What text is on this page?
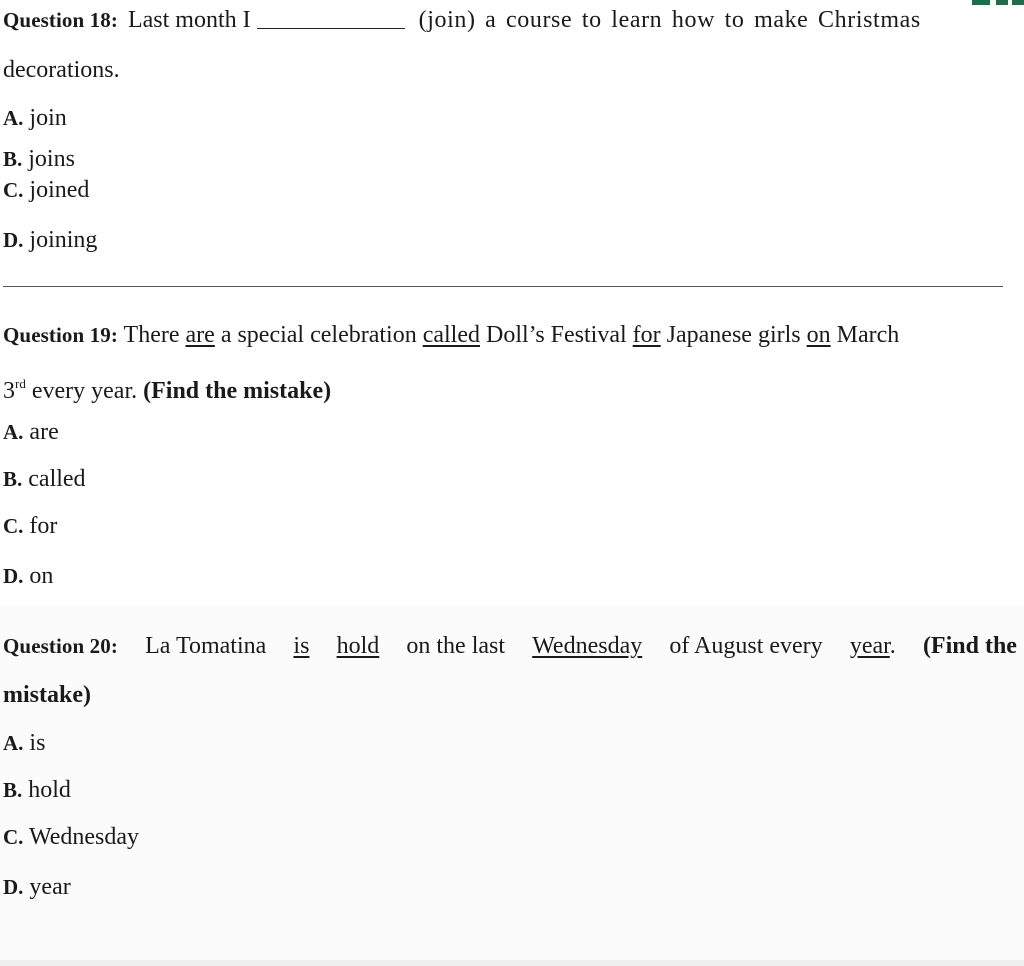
Question 18: Last month I	(join) a course to learn how to make Christmas
decorations.
A. join
B. joins
C. joined
D. joining
Question 19: There are a special celebration called Doll’s Festival for Japanese girls on March
3rd every year. (Find the mistake)
A. are
B. called
C. for
D. on
Question 20: La Tomatina is hold on the last Wednesday of August every year. (Find the
mistake)
A. is
B. hold
C. Wednesday
D. year
